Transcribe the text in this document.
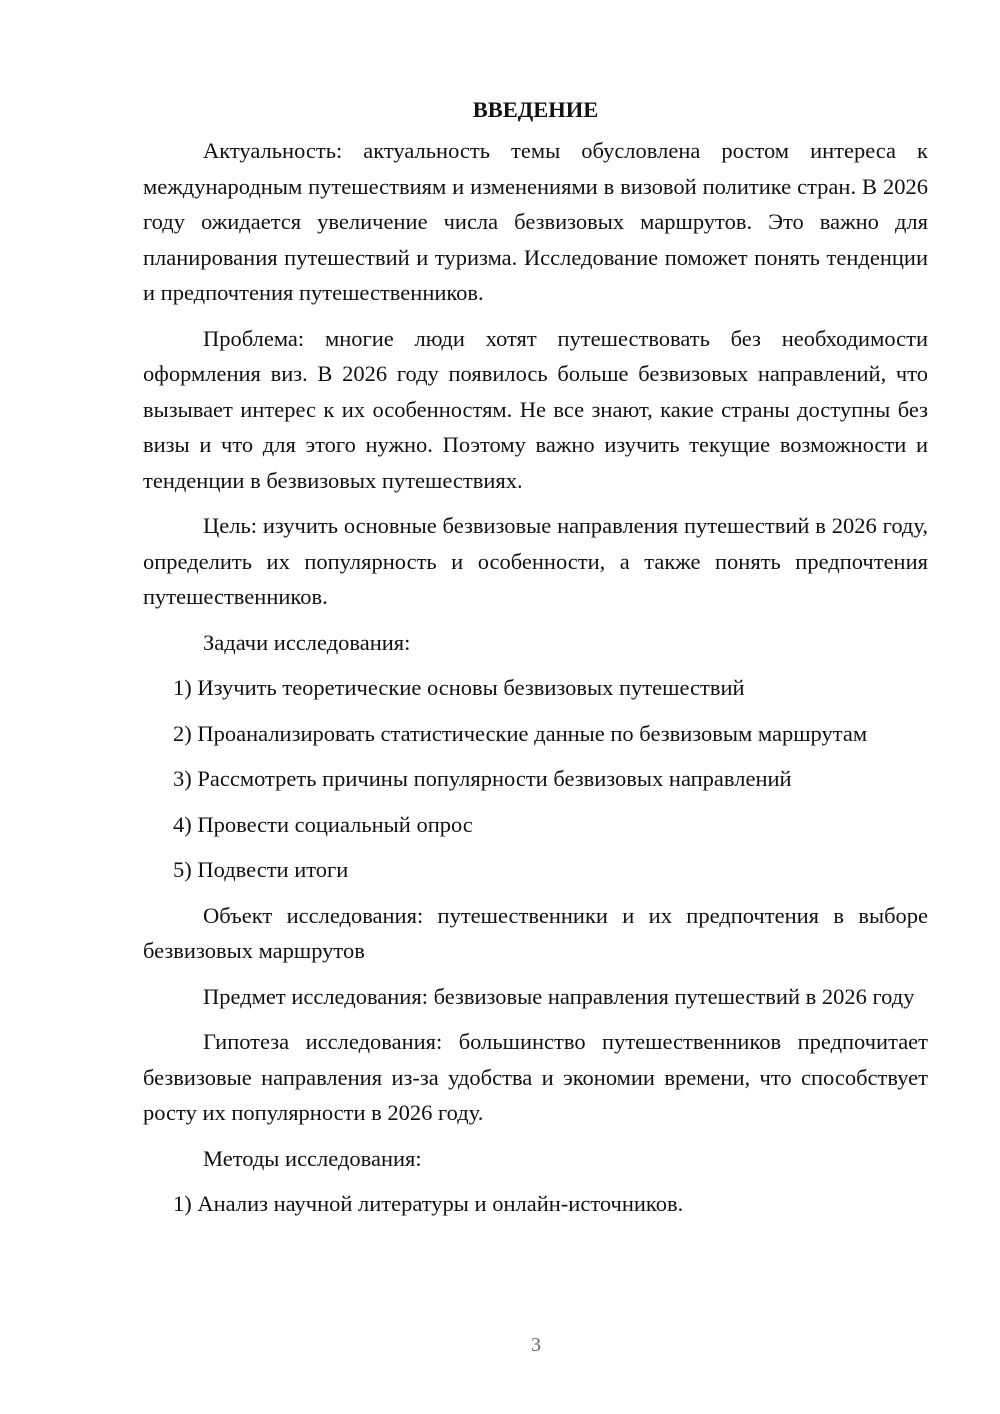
ВВЕДЕНИЕ

Актуальность: актуальность темы обусловлена ростом интереса к международным путешествиям и изменениями в визовой политике стран. В 2026 году ожидается увеличение числа безвизовых маршрутов. Это важно для планирования путешествий и туризма. Исследование поможет понять тенденции и предпочтения путешественников.

Проблема: многие люди хотят путешествовать без необходимости оформления виз. В 2026 году появилось больше безвизовых направлений, что вызывает интерес к их особенностям. Не все знают, какие страны доступны без визы и что для этого нужно. Поэтому важно изучить текущие возможности и тенденции в безвизовых путешествиях.

Цель: изучить основные безвизовые направления путешествий в 2026 году, определить их популярность и особенности, а также понять предпочтения путешественников.

Задачи исследования:

1) Изучить теоретические основы безвизовых путешествий

2) Проанализировать статистические данные по безвизовым маршрутам

3) Рассмотреть причины популярности безвизовых направлений

4) Провести социальный опрос

5) Подвести итоги

Объект исследования: путешественники и их предпочтения в выборе безвизовых маршрутов

Предмет исследования: безвизовые направления путешествий в 2026 году

Гипотеза исследования: большинство путешественников предпочитает безвизовые направления из-за удобства и экономии времени, что способствует росту их популярности в 2026 году.

Методы исследования:

1) Анализ научной литературы и онлайн-источников.

3
